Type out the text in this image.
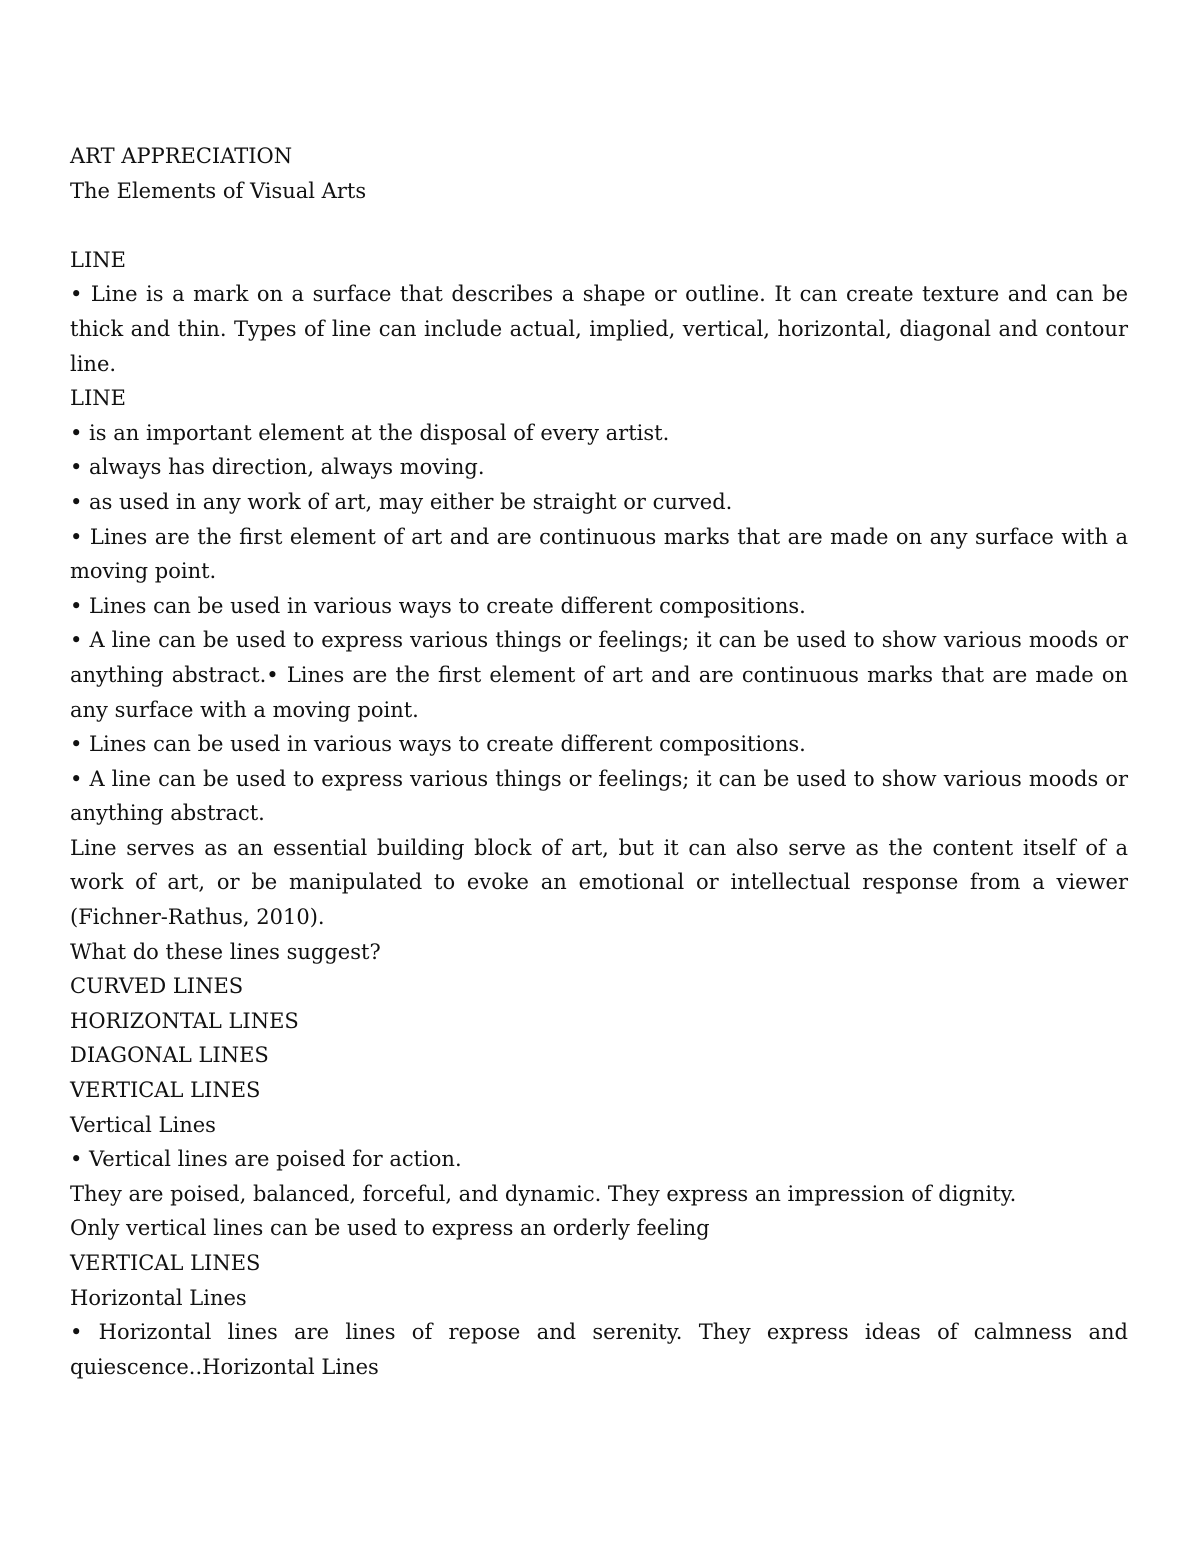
ART APPRECIATION

The Elements of Visual Arts

LINE

• Line is a mark on a surface that describes a shape or outline. It can create texture and can be thick and thin. Types of line can include actual, implied, vertical, horizontal, diagonal and contour line.

LINE

• is an important element at the disposal of every artist.

• always has direction, always moving.

• as used in any work of art, may either be straight or curved.

• Lines are the first element of art and are continuous marks that are made on any surface with a moving point.

• Lines can be used in various ways to create different compositions.

• A line can be used to express various things or feelings; it can be used to show various moods or anything abstract.• Lines are the first element of art and are continuous marks that are made on any surface with a moving point.

• Lines can be used in various ways to create different compositions.

• A line can be used to express various things or feelings; it can be used to show various moods or anything abstract.

Line serves as an essential building block of art, but it can also serve as the content itself of a work of art, or be manipulated to evoke an emotional or intellectual response from a viewer (Fichner-Rathus, 2010).

What do these lines suggest?

CURVED LINES

HORIZONTAL LINES

DIAGONAL LINES

VERTICAL LINES

Vertical Lines

• Vertical lines are poised for action.

They are poised, balanced, forceful, and dynamic. They express an impression of dignity.

Only vertical lines can be used to express an orderly feeling

VERTICAL LINES

Horizontal Lines

• Horizontal lines are lines of repose and serenity. They express ideas of calmness and quiescence..Horizontal Lines
